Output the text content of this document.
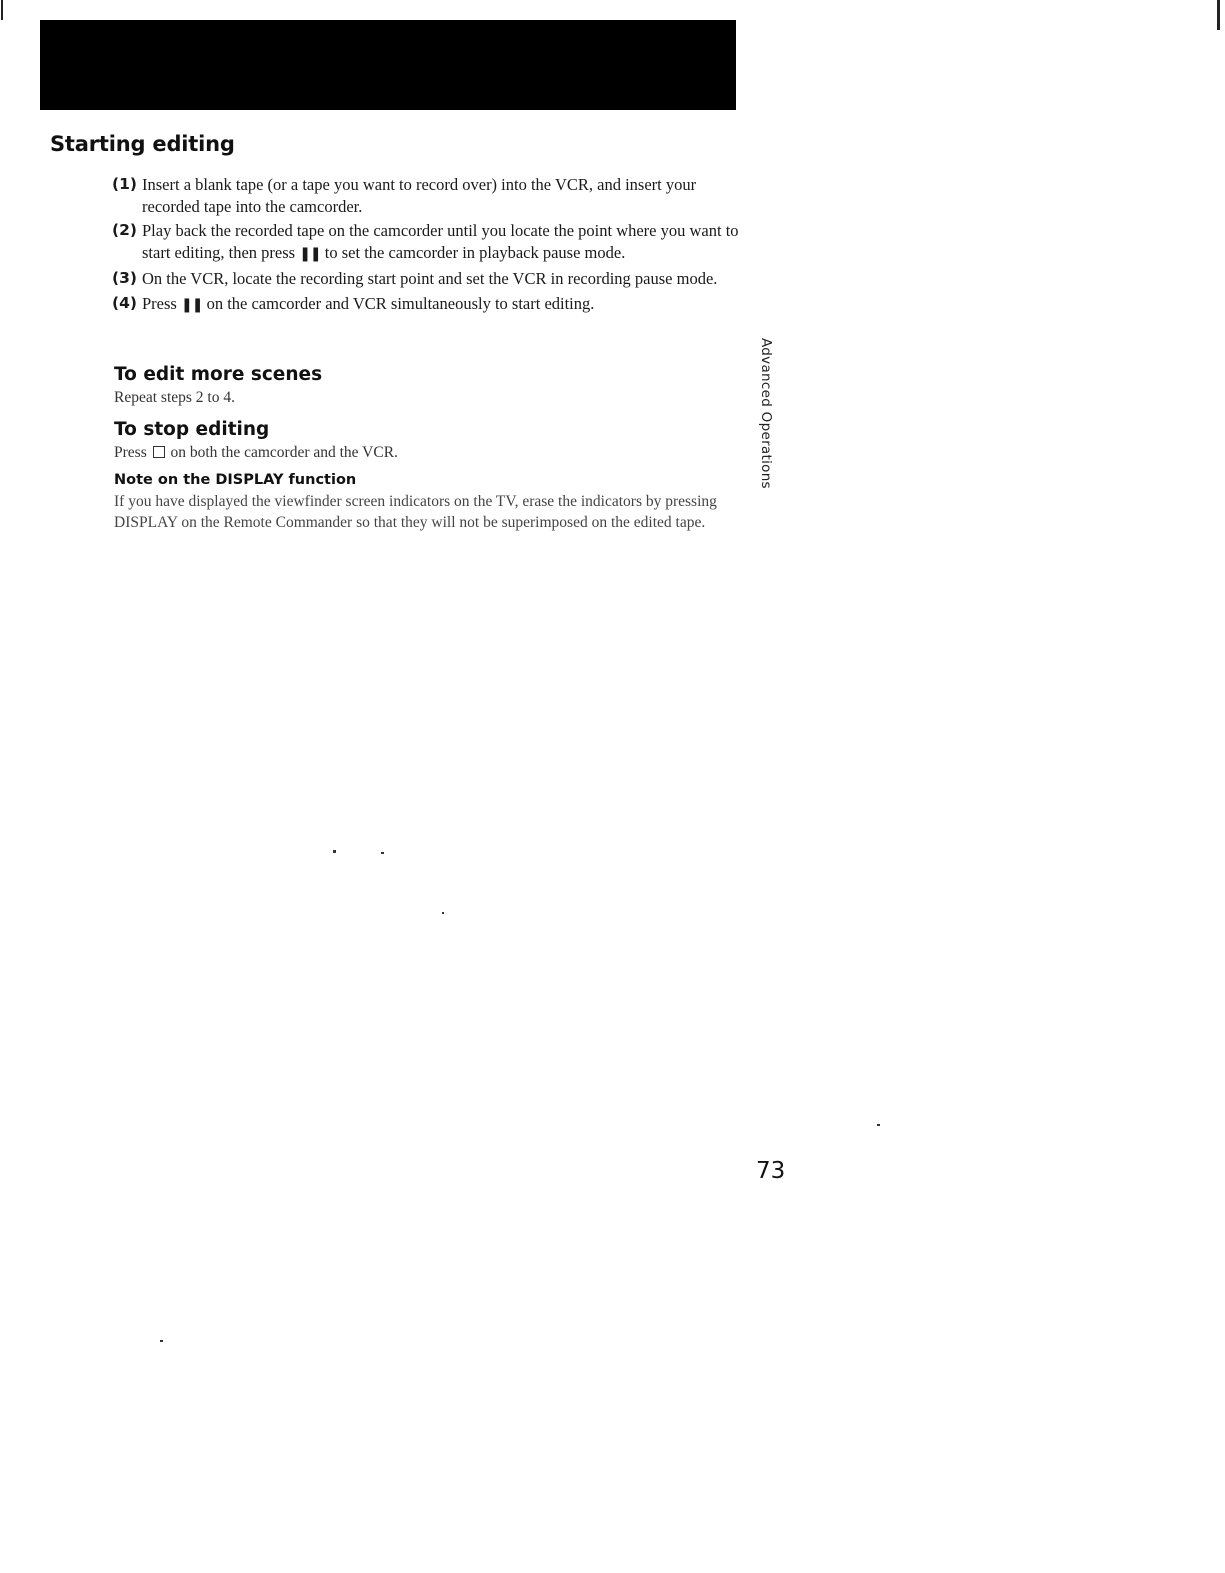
Starting editing
(1) Insert a blank tape (or a tape you want to record over) into the VCR, and insert your recorded tape into the camcorder.
(2) Play back the recorded tape on the camcorder until you locate the point where you want to start editing, then press ❚❚ to set the camcorder in playback pause mode.
(3) On the VCR, locate the recording start point and set the VCR in recording pause mode.
(4) Press ❚❚ on the camcorder and VCR simultaneously to start editing.
To edit more scenes

Repeat steps 2 to 4.

To stop editing

Press on both the camcorder and the VCR.

Note on the DISPLAY function

If you have displayed the viewfinder screen indicators on the TV, erase the indicators by pressing DISPLAY on the Remote Commander so that they will not be superimposed on the edited tape.

Advanced Operations

73
